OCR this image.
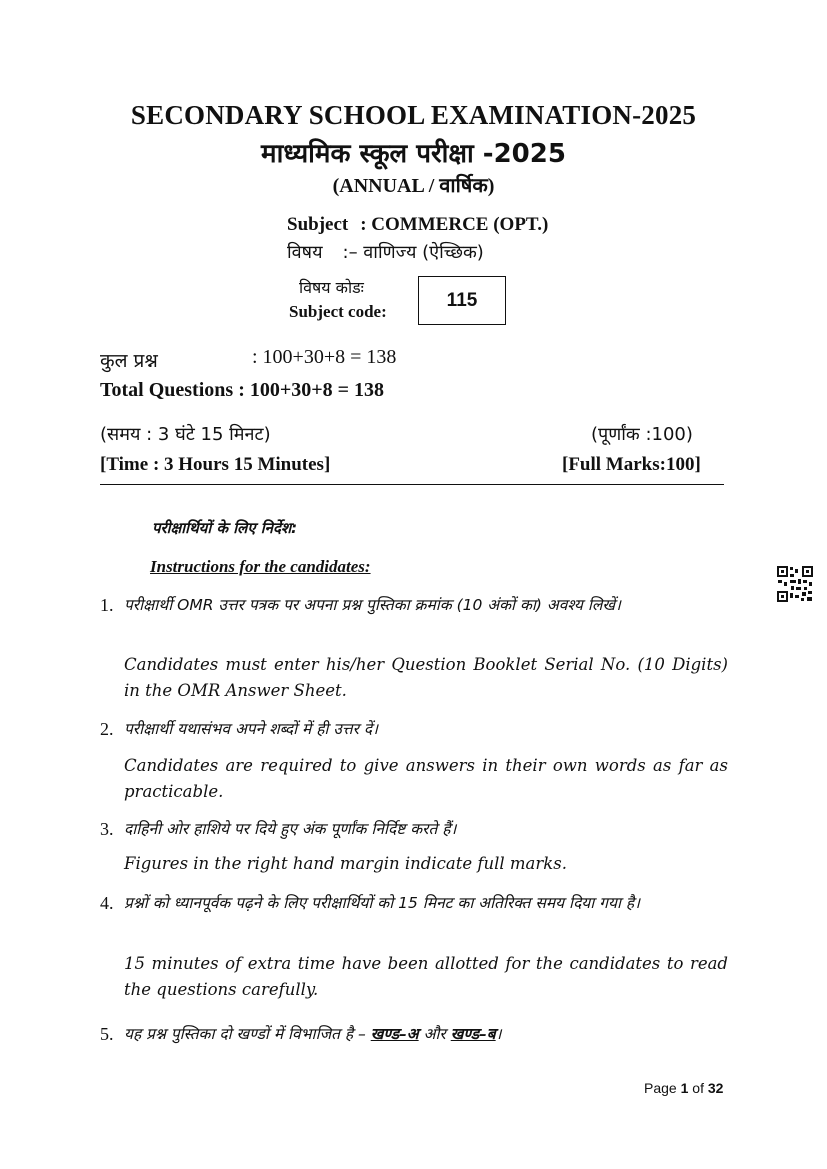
SECONDARY SCHOOL EXAMINATION-2025
माध्यमिक स्कूल परीक्षा -2025
(ANNUAL / वार्षिक)
Subject : COMMERCE (OPT.)
विषय :– वाणिज्य (ऐच्छिक)
विषय कोडः
Subject code:
115
कुल प्रश्न	: 100+30+8 = 138
Total Questions : 100+30+8 = 138
(समय : 3 घंटे 15 मिनट)	(पूर्णांक :100)
[Time : 3 Hours 15 Minutes]	[Full Marks:100]
परीक्षार्थियों के लिए निर्देश:
Instructions for the candidates:
1. परीक्षार्थी OMR उत्तर पत्रक पर अपना प्रश्न पुस्तिका क्रमांक (10 अंकों का) अवश्य लिखें।
Candidates must enter his/her Question Booklet Serial No. (10 Digits) in the OMR Answer Sheet.
2. परीक्षार्थी यथासंभव अपने शब्दों में ही उत्तर दें।
Candidates are required to give answers in their own words as far as practicable.
3. दाहिनी ओर हाशिये पर दिये हुए अंक पूर्णांक निर्दिष्ट करते हैं।
Figures in the right hand margin indicate full marks.
4. प्रश्नों को ध्यानपूर्वक पढ़ने के लिए परीक्षार्थियों को 15 मिनट का अतिरिक्त समय दिया गया है।
15 minutes of extra time have been allotted for the candidates to read the questions carefully.
5. यह प्रश्न पुस्तिका दो खण्डों में विभाजित है – खण्ड–अ और खण्ड–ब।
Page 1 of 32
